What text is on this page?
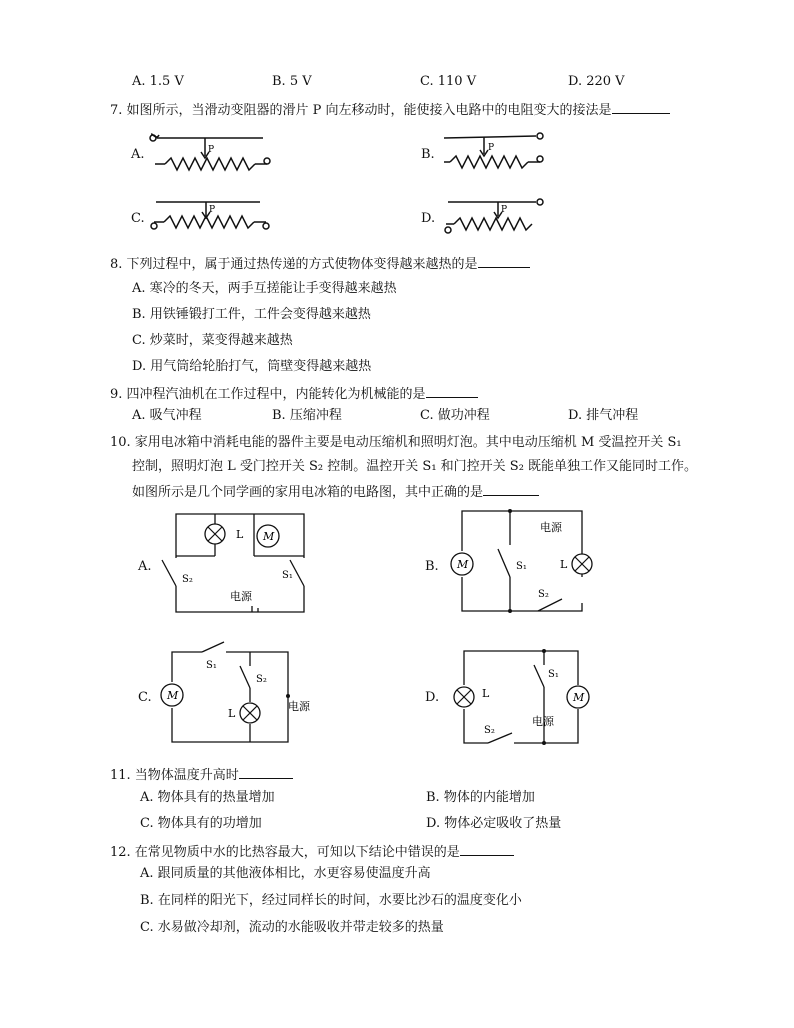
A. 1.5 V	B. 5 V	C. 110 V	D. 220 V
7. 如图所示，当滑动变阻器的滑片 P 向左移动时，能使接入电路中的电阻变大的接法是
A.	P	B.	P
C.
P
D.
P
8. 下列过程中，属于通过热传递的方式使物体变得越来越热的是
A. 寒冷的冬天，两手互搓能让手变得越来越热
B. 用铁锤锻打工件，工件会变得越来越热
C. 炒菜时，菜变得越来越热
D. 用气筒给轮胎打气，筒壁变得越来越热
9. 四冲程汽油机在工作过程中，内能转化为机械能的是
A. 吸气冲程	B. 压缩冲程	C. 做功冲程	D. 排气冲程
10. 家用电冰箱中消耗电能的器件主要是电动压缩机和照明灯泡。其中电动压缩机 M 受温控开关 S₁
控制，照明灯泡 L 受门控开关 S₂ 控制。温控开关 S₁ 和门控开关 S₂ 既能单独工作又能同时工作。
如图所示是几个同学画的家用电冰箱的电路图，其中正确的是
A.
M
L
S₂	S₁
电源
B. M	L
S₁
S₂
电源
C. M
L
S₁
S₂
电源
D.	L	M
S₁
S₂
电源
11. 当物体温度升高时
A. 物体具有的热量增加	B. 物体的内能增加
C. 物体具有的功增加	D. 物体必定吸收了热量
12. 在常见物质中水的比热容最大，可知以下结论中错误的是
A. 跟同质量的其他液体相比，水更容易使温度升高
B. 在同样的阳光下，经过同样长的时间，水要比沙石的温度变化小
C. 水易做冷却剂，流动的水能吸收并带走较多的热量
